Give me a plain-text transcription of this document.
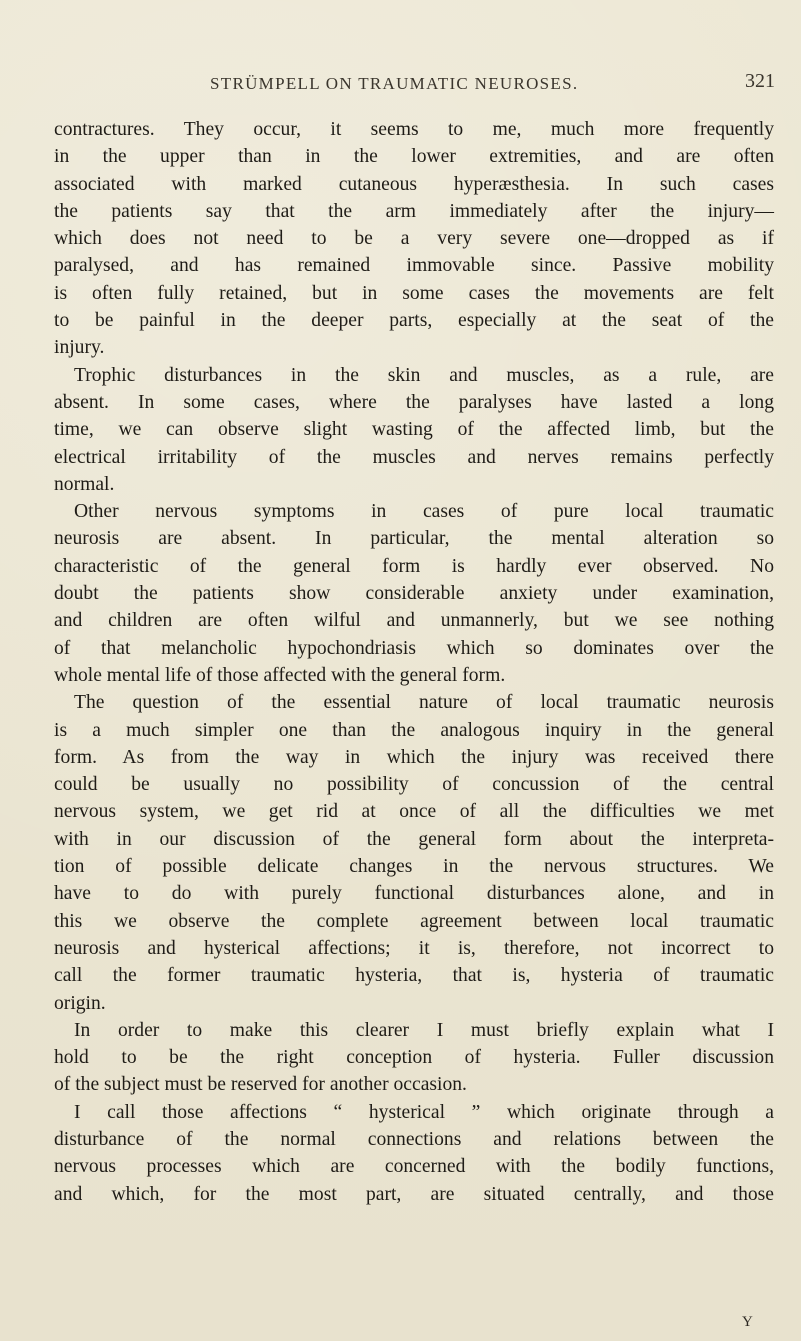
STRÜMPELL ON TRAUMATIC NEUROSES.	321
contractures. They occur, it seems to me, much more frequently
in the upper than in the lower extremities, and are often
associated with marked cutaneous hyperæsthesia. In such cases
the patients say that the arm immediately after the injury—
which does not need to be a very severe one—dropped as if
paralysed, and has remained immovable since. Passive mobility
is often fully retained, but in some cases the movements are felt
to be painful in the deeper parts, especially at the seat of the
injury.
Trophic disturbances in the skin and muscles, as a rule, are
absent. In some cases, where the paralyses have lasted a long
time, we can observe slight wasting of the affected limb, but the
electrical irritability of the muscles and nerves remains perfectly
normal.
Other nervous symptoms in cases of pure local traumatic
neurosis are absent. In particular, the mental alteration so
characteristic of the general form is hardly ever observed. No
doubt the patients show considerable anxiety under examination,
and children are often wilful and unmannerly, but we see nothing
of that melancholic hypochondriasis which so dominates over the
whole mental life of those affected with the general form.
The question of the essential nature of local traumatic neurosis
is a much simpler one than the analogous inquiry in the general
form. As from the way in which the injury was received there
could be usually no possibility of concussion of the central
nervous system, we get rid at once of all the difficulties we met
with in our discussion of the general form about the interpreta-
tion of possible delicate changes in the nervous structures. We
have to do with purely functional disturbances alone, and in
this we observe the complete agreement between local traumatic
neurosis and hysterical affections; it is, therefore, not incorrect to
call the former traumatic hysteria, that is, hysteria of traumatic
origin.
In order to make this clearer I must briefly explain what I
hold to be the right conception of hysteria. Fuller discussion
of the subject must be reserved for another occasion.
I call those affections “ hysterical ” which originate through a
disturbance of the normal connections and relations between the
nervous processes which are concerned with the bodily functions,
and which, for the most part, are situated centrally, and those
Y
